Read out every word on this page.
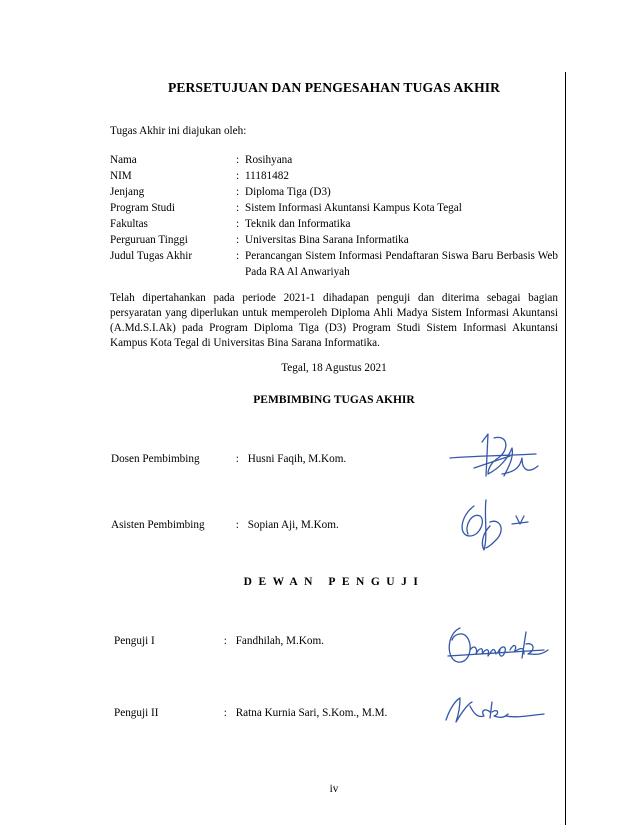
PERSETUJUAN DAN PENGESAHAN TUGAS AKHIR
Tugas Akhir ini diajukan oleh:
Nama	: Rosihyana
NIM	: 11181482
Jenjang	: Diploma Tiga (D3)
Program Studi	: Sistem Informasi Akuntansi Kampus Kota Tegal
Fakultas	: Teknik dan Informatika
Perguruan Tinggi	: Universitas Bina Sarana Informatika
Judul Tugas Akhir	: Perancangan Sistem Informasi Pendaftaran Siswa Baru Berbasis Web Pada RA Al Anwariyah
Telah dipertahankan pada periode 2021-1 dihadapan penguji dan diterima sebagai bagian persyaratan yang diperlukan untuk memperoleh Diploma Ahli Madya Sistem Informasi Akuntansi (A.Md.S.I.Ak) pada Program Diploma Tiga (D3) Program Studi Sistem Informasi Akuntansi Kampus Kota Tegal di Universitas Bina Sarana Informatika.
Tegal, 18 Agustus 2021
PEMBIMBING TUGAS AKHIR
Dosen Pembimbing	: Husni Faqih, M.Kom.
Asisten Pembimbing	: Sopian Aji, M.Kom.
DEWAN PENGUJI
Penguji I	: Fandhilah, M.Kom.
Penguji II	: Ratna Kurnia Sari, S.Kom., M.M.
iv
